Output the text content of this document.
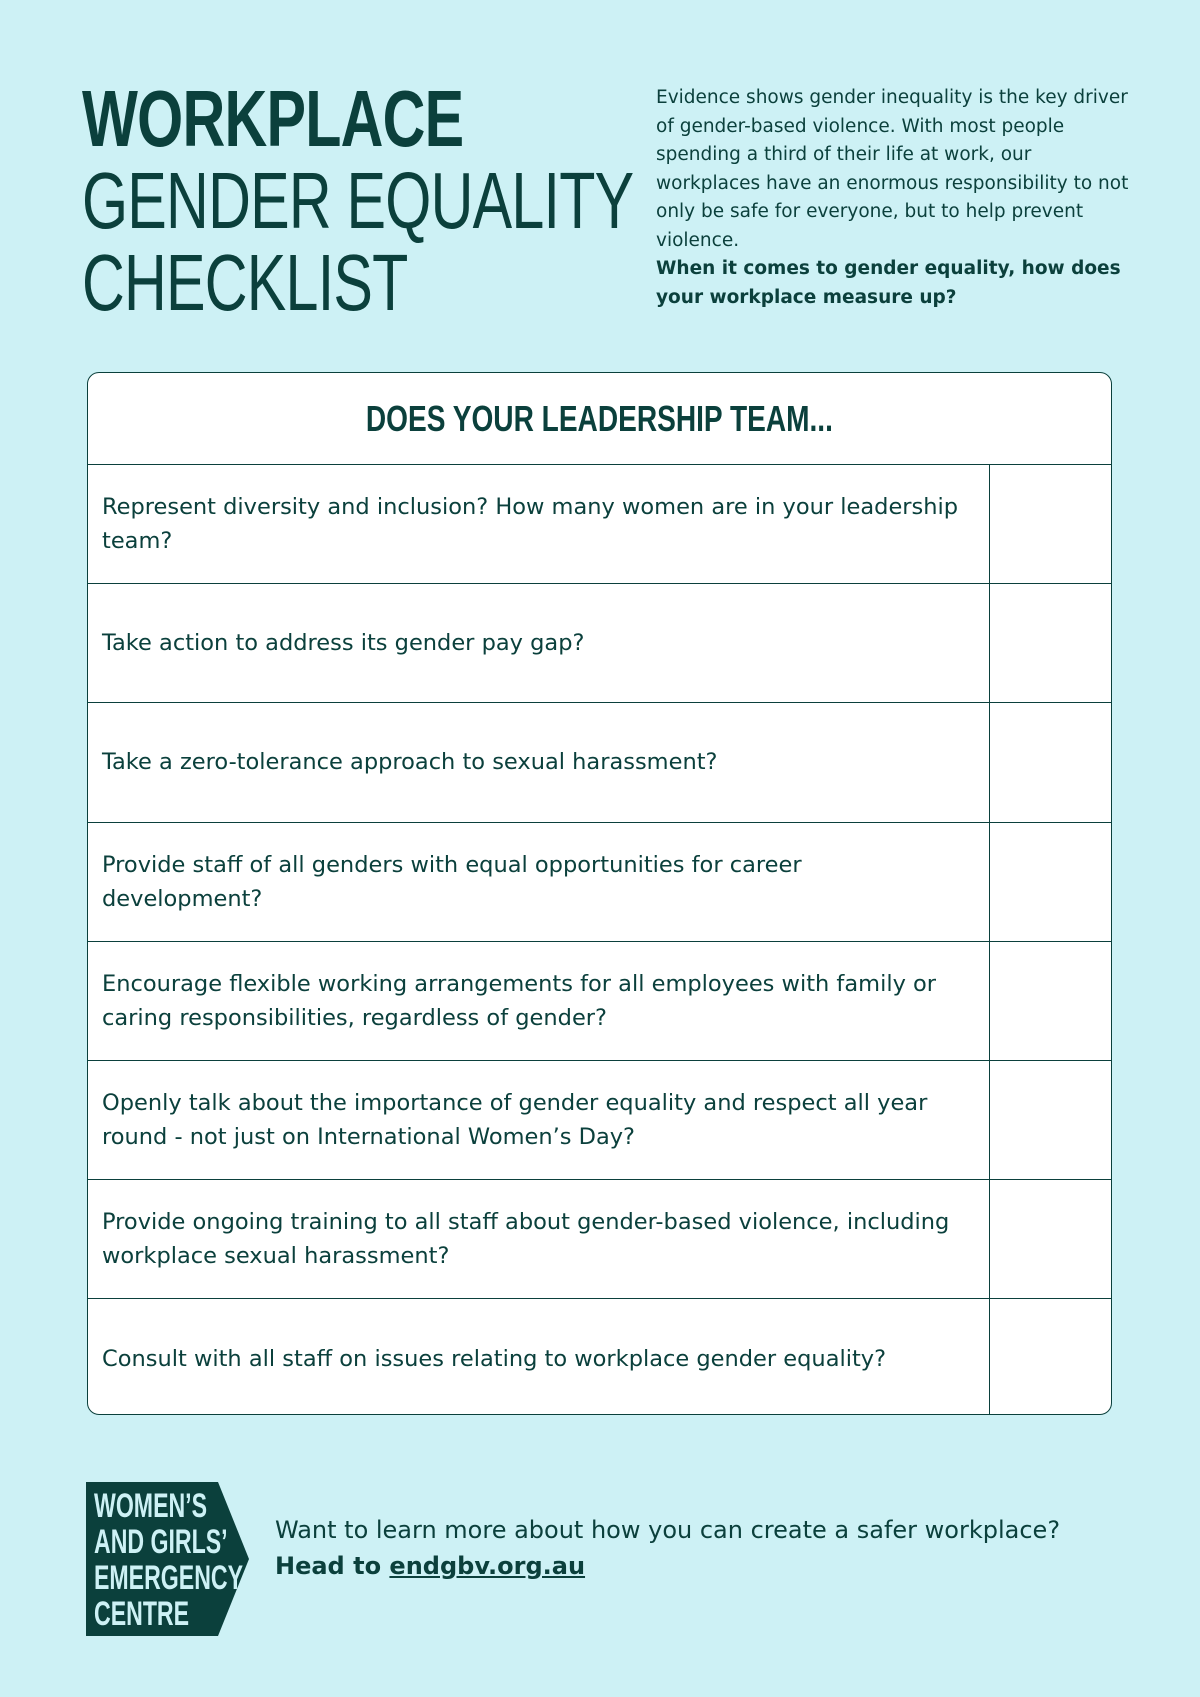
WORKPLACE
GENDER EQUALITY
CHECKLIST
Evidence shows gender inequality is the key driver of gender-based violence. With most people spending a third of their life at work, our workplaces have an enormous responsibility to not only be safe for everyone, but to help prevent violence.
When it comes to gender equality, how does your workplace measure up?
DOES YOUR LEADERSHIP TEAM...
Represent diversity and inclusion? How many women are in your leadership team?
Take action to address its gender pay gap?
Take a zero-tolerance approach to sexual harassment?
Provide staff of all genders with equal opportunities for career development?
Encourage flexible working arrangements for all employees with family or caring responsibilities, regardless of gender?
Openly talk about the importance of gender equality and respect all year round - not just on International Women’s Day?
Provide ongoing training to all staff about gender-based violence, including workplace sexual harassment?
Consult with all staff on issues relating to workplace gender equality?
WOMEN’S
AND GIRLS’
EMERGENCY
CENTRE
Want to learn more about how you can create a safer workplace?
Head to endgbv.org.au
